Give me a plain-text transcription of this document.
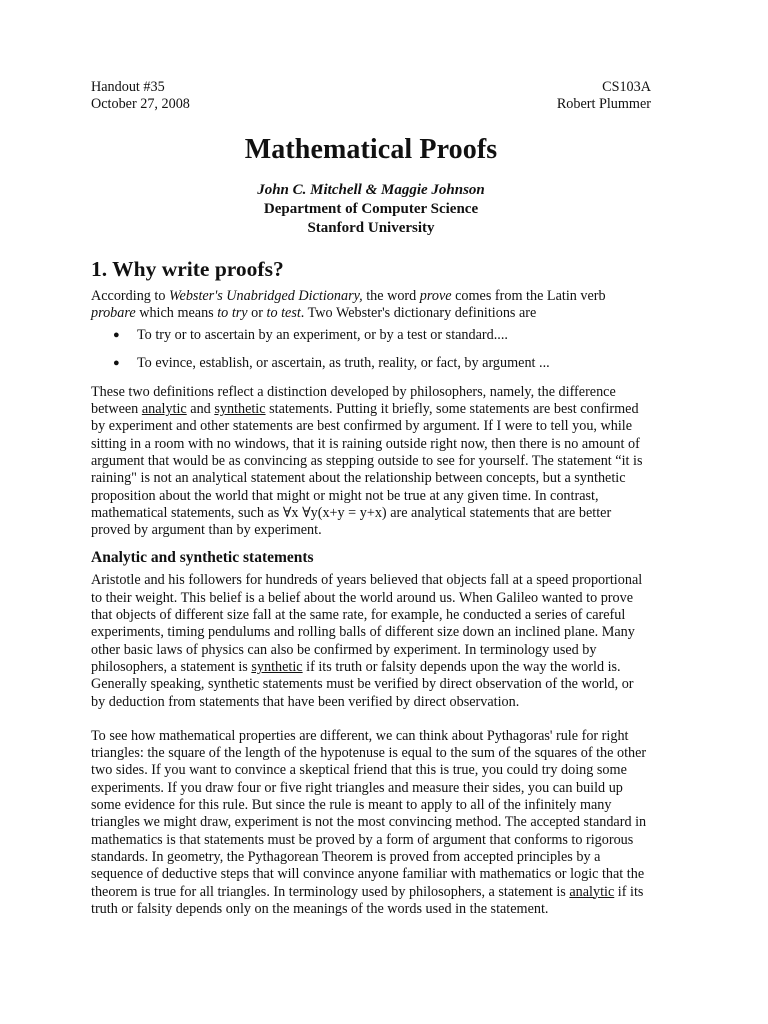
Handout #35
October 27, 2008
CS103A
Robert Plummer
Mathematical Proofs
John C. Mitchell & Maggie Johnson
Department of Computer Science
Stanford University
1. Why write proofs?

According to Webster's Unabridged Dictionary, the word prove comes from the Latin verb probare which means to try or to test. Two Webster's dictionary definitions are

● To try or to ascertain by an experiment, or by a test or standard....
● To evince, establish, or ascertain, as truth, reality, or fact, by argument ...

These two definitions reflect a distinction developed by philosophers, namely, the difference between analytic and synthetic statements. Putting it briefly, some statements are best confirmed by experiment and other statements are best confirmed by argument. If I were to tell you, while sitting in a room with no windows, that it is raining outside right now, then there is no amount of argument that would be as convincing as stepping outside to see for yourself. The statement “it is raining" is not an analytical statement about the relationship between concepts, but a synthetic proposition about the world that might or might not be true at any given time. In contrast, mathematical statements, such as ∀x ∀y(x+y = y+x) are analytical statements that are better proved by argument than by experiment.

Analytic and synthetic statements

Aristotle and his followers for hundreds of years believed that objects fall at a speed proportional to their weight. This belief is a belief about the world around us. When Galileo wanted to prove that objects of different size fall at the same rate, for example, he conducted a series of careful experiments, timing pendulums and rolling balls of different size down an inclined plane. Many other basic laws of physics can also be confirmed by experiment. In terminology used by philosophers, a statement is synthetic if its truth or falsity depends upon the way the world is. Generally speaking, synthetic statements must be verified by direct observation of the world, or by deduction from statements that have been verified by direct observation.

To see how mathematical properties are different, we can think about Pythagoras' rule for right triangles: the square of the length of the hypotenuse is equal to the sum of the squares of the other two sides. If you want to convince a skeptical friend that this is true, you could try doing some experiments. If you draw four or five right triangles and measure their sides, you can build up some evidence for this rule. But since the rule is meant to apply to all of the infinitely many triangles we might draw, experiment is not the most convincing method. The accepted standard in mathematics is that statements must be proved by a form of argument that conforms to rigorous standards. In geometry, the Pythagorean Theorem is proved from accepted principles by a sequence of deductive steps that will convince anyone familiar with mathematics or logic that the theorem is true for all triangles. In terminology used by philosophers, a statement is analytic if its truth or falsity depends only on the meanings of the words used in the statement.
